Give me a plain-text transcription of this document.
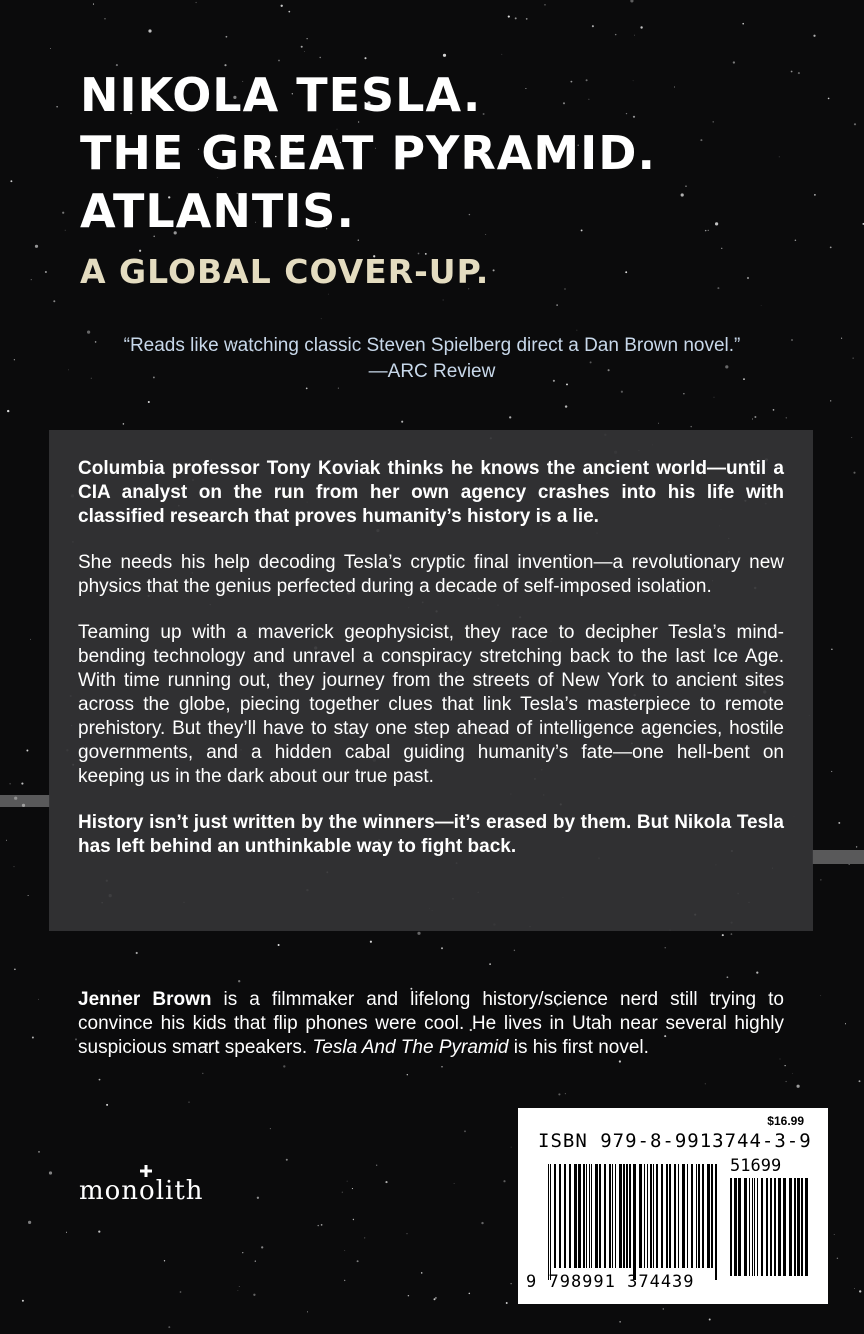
NIKOLA TESLA.
THE GREAT PYRAMID.
ATLANTIS.
A GLOBAL COVER-UP.

“Reads like watching classic Steven Spielberg direct a Dan Brown novel.” —ARC Review

Columbia professor Tony Koviak thinks he knows the ancient world—until a CIA analyst on the run from her own agency crashes into his life with classified research that proves humanity’s history is a lie.

She needs his help decoding Tesla’s cryptic final invention—a revolutionary new physics that the genius perfected during a decade of self-imposed isolation.

Teaming up with a maverick geophysicist, they race to decipher Tesla’s mind-bending technology and unravel a conspiracy stretching back to the last Ice Age. With time running out, they journey from the streets of New York to ancient sites across the globe, piecing together clues that link Tesla’s masterpiece to remote prehistory. But they’ll have to stay one step ahead of intelligence agencies, hostile governments, and a hidden cabal guiding humanity’s fate—one hell-bent on keeping us in the dark about our true past.

History isn’t just written by the winners—it’s erased by them. But Nikola Tesla has left behind an unthinkable way to fight back.

Jenner Brown is a filmmaker and lifelong history/science nerd still trying to convince his kids that flip phones were cool. He lives in Utah near several highly suspicious smart speakers. Tesla And The Pyramid is his first novel.

monolith
$16.99
ISBN 979-8-9913744-3-9
51699
9 798991 374439
